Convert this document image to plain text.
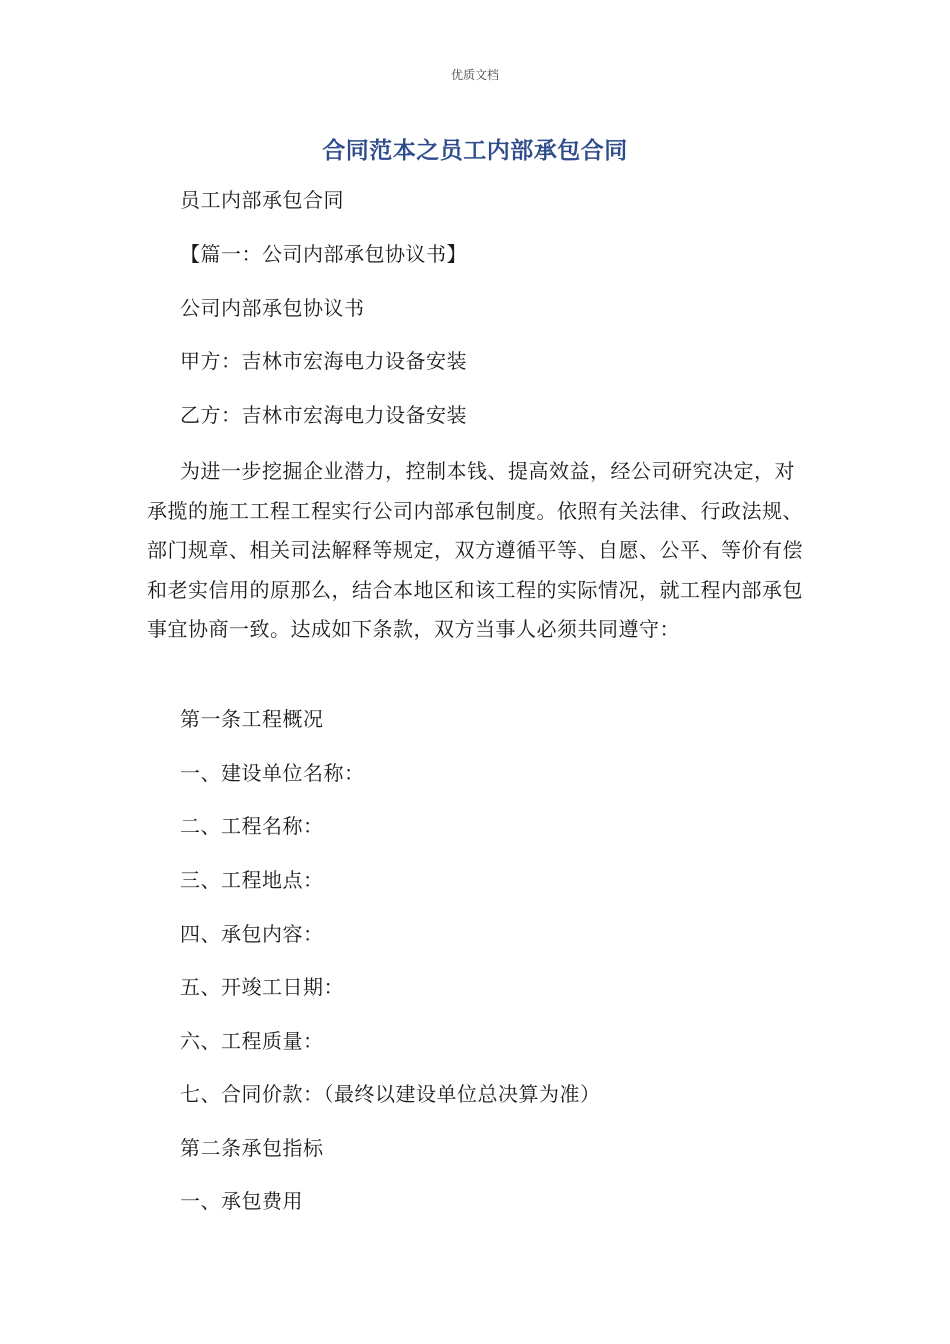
优质文档
合同范本之员工内部承包合同
员工内部承包合同
【篇一：公司内部承包协议书】
公司内部承包协议书
甲方：吉林市宏海电力设备安装
乙方：吉林市宏海电力设备安装
为进一步挖掘企业潜力，控制本钱、提高效益，经公司研究决定，对承揽的施工工程工程实行公司内部承包制度。依照有关法律、行政法规、部门规章、相关司法解释等规定，双方遵循平等、自愿、公平、等价有偿和老实信用的原那么，结合本地区和该工程的实际情况，就工程内部承包事宜协商一致。达成如下条款，双方当事人必须共同遵守：
第一条工程概况
一、建设单位名称：
二、工程名称：
三、工程地点：
四、承包内容：
五、开竣工日期：
六、工程质量：
七、合同价款：（最终以建设单位总决算为准）
第二条承包指标
一、承包费用
